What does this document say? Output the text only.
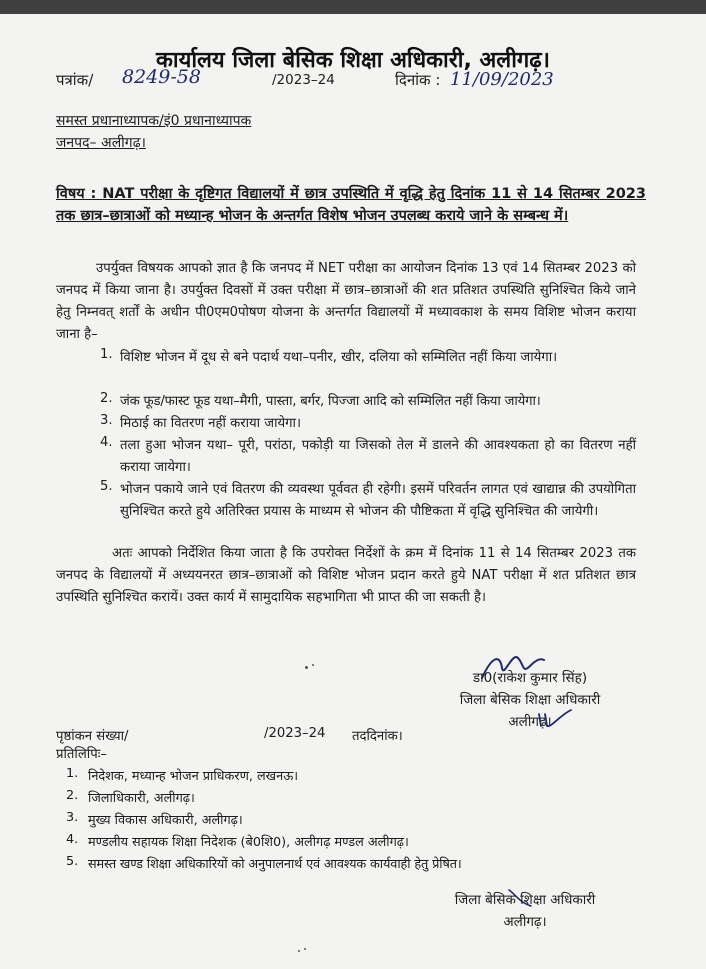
कार्यालय जिला बेसिक शिक्षा अधिकारी, अलीगढ़।
पत्रांक/ 8249-58	/2023–24	दिनांक : 11/09/2023
समस्त प्रधानाध्यापक/इं0 प्रधानाध्यापक
जनपद– अलीगढ़।
विषय : NAT परीक्षा के दृष्टिगत विद्यालयों में छात्र उपस्थिति में वृद्धि हेतु दिनांक 11 से 14 सितम्बर 2023 तक छात्र–छात्राओं को मध्यान्ह भोजन के अन्तर्गत विशेष भोजन उपलब्ध कराये जाने के सम्बन्ध में।
उपर्युक्त विषयक आपको ज्ञात है कि जनपद में NET परीक्षा का आयोजन दिनांक 13 एवं 14 सितम्बर 2023 को जनपद में किया जाना है। उपर्युक्त दिवसों में उक्त परीक्षा में छात्र–छात्राओं की शत प्रतिशत उपस्थिति सुनिश्चित किये जाने हेतु निम्नवत् शर्तों के अधीन पी0एम0पोषण योजना के अन्तर्गत विद्यालयों में मध्यावकाश के समय विशिष्ट भोजन कराया जाना है–
1. विशिष्ट भोजन में दूध से बने पदार्थ यथा–पनीर, खीर, दलिया को सम्मिलित नहीं किया जायेगा।
2. जंक फूड/फास्ट फूड यथा–मैगी, पास्ता, बर्गर, पिज्जा आदि को सम्मिलित नहीं किया जायेगा।
3. मिठाई का वितरण नहीं कराया जायेगा।
4. तला हुआ भोजन यथा– पूरी, परांठा, पकोड़ी या जिसको तेल में डालने की आवश्यकता हो का वितरण नहीं कराया जायेगा।
5. भोजन पकाये जाने एवं वितरण की व्यवस्था पूर्ववत ही रहेगी। इसमें परिवर्तन लागत एवं खाद्यान्न की उपयोगिता सुनिश्चित करते हुये अतिरिक्त प्रयास के माध्यम से भोजन की पौष्टिकता में वृद्धि सुनिश्चित की जायेगी।
अतः आपको निर्देशित किया जाता है कि उपरोक्त निर्देशों के क्रम में दिनांक 11 से 14 सितम्बर 2023 तक जनपद के विद्यालयों में अध्ययनरत छात्र–छात्राओं को विशिष्ट भोजन प्रदान करते हुये NAT परीक्षा में शत प्रतिशत छात्र उपस्थिति सुनिश्चित करायें। उक्त कार्य में सामुदायिक सहभागिता भी प्राप्त की जा सकती है।
डा0(राकेश कुमार सिंह)
जिला बेसिक शिक्षा अधिकारी
अलीगढ़।
पृष्ठांकन संख्या/	/2023–24 तददिनांक।
प्रतिलिपिः–
1. निदेशक, मध्यान्ह भोजन प्राधिकरण, लखनऊ।
2. जिलाधिकारी, अलीगढ़।
3. मुख्य विकास अधिकारी, अलीगढ़।
4. मण्डलीय सहायक शिक्षा निदेशक (बे0शि0), अलीगढ़ मण्डल अलीगढ़।
5. समस्त खण्ड शिक्षा अधिकारियों को अनुपालनार्थ एवं आवश्यक कार्यवाही हेतु प्रेषित।
जिला बेसिक शिक्षा अधिकारी
अलीगढ़।
